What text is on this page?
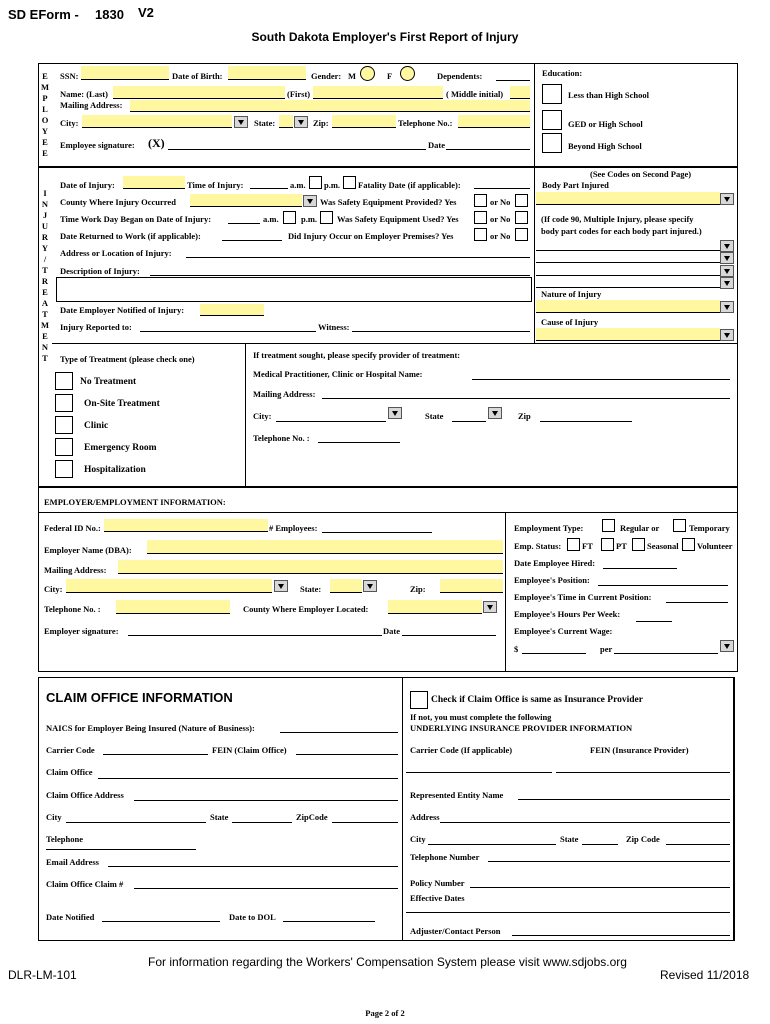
SD EForm - 1830 V2
South Dakota Employer's First Report of Injury
E
M
P
L
O
Y
E
E
SSN:	Date of Birth:	Gender: M	F	Dependents:
Name: (Last)	(First)	( Middle initial)
Mailing Address:
City:	State:	Zip:	Telephone No.:
Employee signature: (X)	Date
Education:
Less than High School
GED or High School
Beyond High School
I
N
J
U
R
Y
/
T
R
E
A
T
M
E
N
T
Date of Injury:	Time of Injury:	a.m. p.m. Fatality Date (if applicable):
County Where Injury Occurred	Was Safety Equipment Provided? Yes	or No
Time Work Day Began on Date of Injury:	a.m.	p.m. Was Safety Equipment Used? Yes	or No
Date Returned to Work (if applicable):	Did Injury Occur on Employer Premises? Yes	or No
Address or Location of Injury:
Description of Injury:
Date Employer Notified of Injury:
Injury Reported to:	Witness:
(See Codes on Second Page)
Body Part Injured
(If code 90, Multiple Injury, please specify
body part codes for each body part injured.)
Nature of Injury
Cause of Injury
Type of Treatment (please check one)
No Treatment
On-Site Treatment
Clinic
Emergency Room
Hospitalization
If treatment sought, please specify provider of treatment:
Medical Practitioner, Clinic or Hospital Name:
Mailing Address:
City:	State	Zip
Telephone No. :
EMPLOYER/EMPLOYMENT INFORMATION:
Federal ID No.:	# Employees:
Employer Name (DBA):
Mailing Address:
City:	State:	Zip:
Telephone No. :	County Where Employer Located:
Employer signature:	Date
Employment Type:	Regular or	Temporary
Emp. Status: FT	PT Seasonal Volunteer
Date Employee Hired:
Employee's Position:
Employee's Time in Current Position:
Employee's Hours Per Week:
Employee's Current Wage:
$	per
CLAIM OFFICE INFORMATION
NAICS for Employer Being Insured (Nature of Business):
Carrier Code	FEIN (Claim Office)
Claim Office
Claim Office Address
City	State	ZipCode
Telephone
Email Address
Claim Office Claim #
Date Notified	Date to DOL
Check if Claim Office is same as Insurance Provider
If not, you must complete the following
UNDERLYING INSURANCE PROVIDER INFORMATION
Carrier Code (If applicable)	FEIN (Insurance Provider)
Represented Entity Name
Address
City	State	Zip Code
Telephone Number
Policy Number
Effective Dates
Adjuster/Contact Person
For information regarding the Workers' Compensation System please visit www.sdjobs.org
DLR-LM-101	Revised 11/2018
Page 2 of 2
